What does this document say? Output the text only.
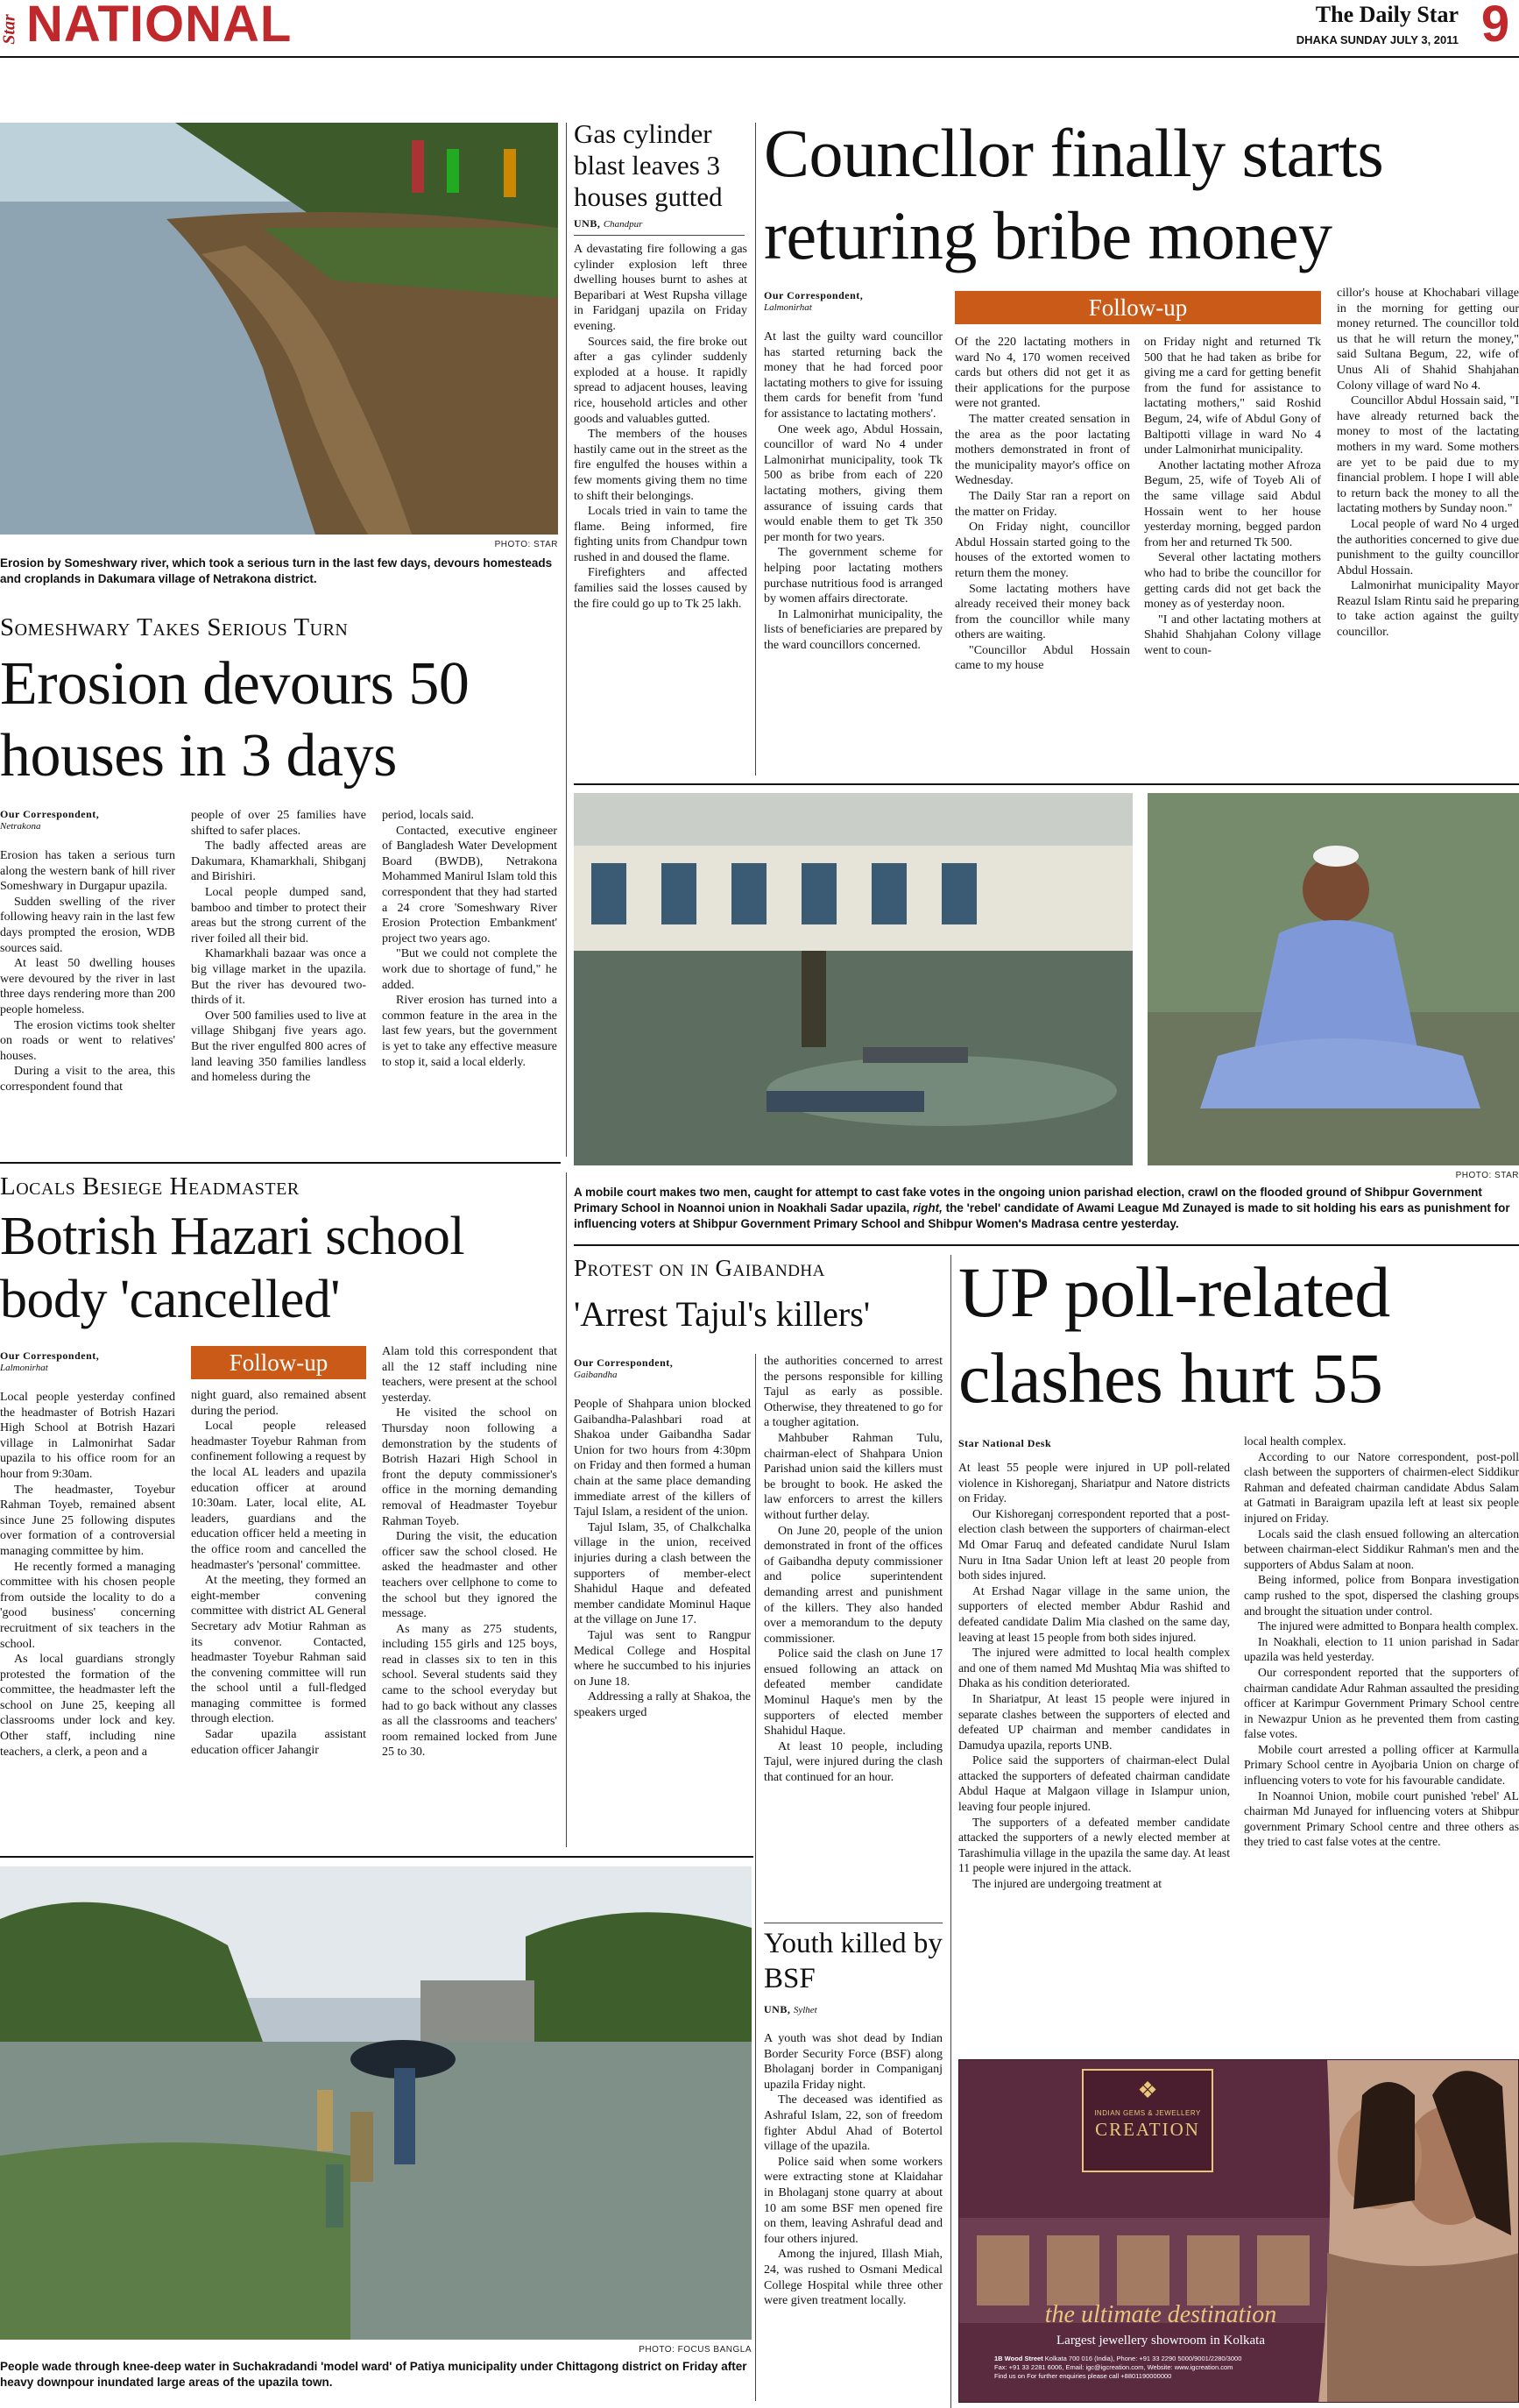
Star NATIONAL	The Daily Star
DHAKA SUNDAY JULY 3, 2011 9
PHOTO: STAR
Erosion by Someshwary river, which took a serious turn in the last few days, devours homesteads and croplands in Dakumara village of Netrakona district.
Someshwary Takes Serious Turn
Erosion devours 50 houses in 3 days
Our Correspondent,
Netrakona

Erosion has taken a serious turn along the western bank of hill river Someshwary in Durgapur upazila.

Sudden swelling of the river following heavy rain in the last few days prompted the erosion, WDB sources said.

At least 50 dwelling houses were devoured by the river in last three days rendering more than 200 people homeless.

The erosion victims took shelter on roads or went to relatives' houses.

During a visit to the area, this correspondent found that

people of over 25 families have shifted to safer places.

The badly affected areas are Dakumara, Khamarkhali, Shibganj and Birishiri.

Local people dumped sand, bamboo and timber to protect their areas but the strong current of the river foiled all their bid.

Khamarkhali bazaar was once a big village market in the upazila. But the river has devoured two-thirds of it.

Over 500 families used to live at village Shibganj five years ago. But the river engulfed 800 acres of land leaving 350 families landless and homeless during the

period, locals said.

Contacted, executive engineer of Bangladesh Water Development Board (BWDB), Netrakona Mohammed Manirul Islam told this correspondent that they had started a 24 crore 'Someshwary River Erosion Protection Embankment' project two years ago.

"But we could not complete the work due to shortage of fund," he added.

River erosion has turned into a common feature in the area in the last few years, but the government is yet to take any effective measure to stop it, said a local elderly.

Gas cylinder blast leaves 3 houses gutted
UNB, Chandpur

A devastating fire following a gas cylinder explosion left three dwelling houses burnt to ashes at Beparibari at West Rupsha village in Faridganj upazila on Friday evening.

Sources said, the fire broke out after a gas cylinder suddenly exploded at a house. It rapidly spread to adjacent houses, leaving rice, household articles and other goods and valuables gutted.

The members of the houses hastily came out in the street as the fire engulfed the houses within a few moments giving them no time to shift their belongings.

Locals tried in vain to tame the flame. Being informed, fire fighting units from Chandpur town rushed in and doused the flame.

Firefighters and affected families said the losses caused by the fire could go up to Tk 25 lakh.

Councllor finally starts returing bribe money
Our Correspondent,
Lalmonirhat	Follow-up

At last the guilty ward councillor has started returning back the money that he had forced poor lactating mothers to give for issuing them cards for benefit from 'fund for assistance to lactating mothers'.

One week ago, Abdul Hossain, councillor of ward No 4 under Lalmonirhat municipality, took Tk 500 as bribe from each of 220 lactating mothers, giving them assurance of issuing cards that would enable them to get Tk 350 per month for two years.

The government scheme for helping poor lactating mothers purchase nutritious food is arranged by women affairs directorate.

In Lalmonirhat municipality, the lists of beneficiaries are prepared by the ward councillors concerned.

Of the 220 lactating mothers in ward No 4, 170 women received cards but others did not get it as their applications for the purpose were not granted.

The matter created sensation in the area as the poor lactating mothers demonstrated in front of the municipality mayor's office on Wednesday.

The Daily Star ran a report on the matter on Friday.

On Friday night, councillor Abdul Hossain started going to the houses of the extorted women to return them the money.

Some lactating mothers have already received their money back from the councillor while many others are waiting.

"Councillor Abdul Hossain came to my house

on Friday night and returned Tk 500 that he had taken as bribe for giving me a card for getting benefit from the fund for assistance to lactating mothers," said Roshid Begum, 24, wife of Abdul Gony of Baltipotti village in ward No 4 under Lalmonirhat municipality.

Another lactating mother Afroza Begum, 25, wife of Toyeb Ali of the same village said Abdul Hossain went to her house yesterday morning, begged pardon from her and returned Tk 500.

Several other lactating mothers who had to bribe the councillor for getting cards did not get back the money as of yesterday noon.

"I and other lactating mothers at Shahid Shahjahan Colony village went to coun-

cillor's house at Khochabari village in the morning for getting our money returned. The councillor told us that he will return the money," said Sultana Begum, 22, wife of Unus Ali of Shahid Shahjahan Colony village of ward No 4.

Councillor Abdul Hossain said, "I have already returned back the money to most of the lactating mothers in my ward. Some mothers are yet to be paid due to my financial problem. I hope I will able to return back the money to all the lactating mothers by Sunday noon."

Local people of ward No 4 urged the authorities concerned to give due punishment to the guilty councillor Abdul Hossain.

Lalmonirhat municipality Mayor Reazul Islam Rintu said he preparing to take action against the guilty councillor.

PHOTO: STAR
A mobile court makes two men, caught for attempt to cast fake votes in the ongoing union parishad election, crawl on the flooded ground of Shibpur Government Primary School in Noannoi union in Noakhali Sadar upazila, right, the 'rebel' candidate of Awami League Md Zunayed is made to sit holding his ears as punishment for influencing voters at Shibpur Government Primary School and Shibpur Women's Madrasa centre yesterday.
Locals Besiege Headmaster
Botrish Hazari school body 'cancelled'
Our Correspondent,
Lalmonirhat	Follow-up

Local people yesterday confined the headmaster of Botrish Hazari High School at Botrish Hazari village in Lalmonirhat Sadar upazila to his office room for an hour from 9:30am.

The headmaster, Toyebur Rahman Toyeb, remained absent since June 25 following disputes over formation of a controversial managing committee by him.

He recently formed a managing committee with his chosen people from outside the locality to do a 'good business' concerning recruitment of six teachers in the school.

As local guardians strongly protested the formation of the committee, the headmaster left the school on June 25, keeping all classrooms under lock and key. Other staff, including nine teachers, a clerk, a peon and a

night guard, also remained absent during the period.

Local people released headmaster Toyebur Rahman from confinement following a request by the local AL leaders and upazila education officer at around 10:30am. Later, local elite, AL leaders, guardians and the education officer held a meeting in the office room and cancelled the headmaster's 'personal' committee.

At the meeting, they formed an eight-member convening committee with district AL General Secretary adv Motiur Rahman as its convenor. Contacted, headmaster Toyebur Rahman said the convening committee will run the school until a full-fledged managing committee is formed through election.

Sadar upazila assistant education officer Jahangir

Alam told this correspondent that all the 12 staff including nine teachers, were present at the school yesterday.

He visited the school on Thursday noon following a demonstration by the students of Botrish Hazari High School in front the deputy commissioner's office in the morning demanding removal of Headmaster Toyebur Rahman Toyeb.

During the visit, the education officer saw the school closed. He asked the headmaster and other teachers over cellphone to come to the school but they ignored the message.

As many as 275 students, including 155 girls and 125 boys, read in classes six to ten in this school. Several students said they came to the school everyday but had to go back without any classes as all the classrooms and teachers' room remained locked from June 25 to 30.

PHOTO: FOCUS BANGLA
People wade through knee-deep water in Suchakradandi 'model ward' of Patiya municipality under Chittagong district on Friday after heavy downpour inundated large areas of the upazila town.
Protest on in Gaibandha
'Arrest Tajul's killers'
Our Correspondent,
Gaibandha

People of Shahpara union blocked Gaibandha-Palashbari road at Shakoa under Gaibandha Sadar Union for two hours from 4:30pm on Friday and then formed a human chain at the same place demanding immediate arrest of the killers of Tajul Islam, a resident of the union.

Tajul Islam, 35, of Chalkchalka village in the union, received injuries during a clash between the supporters of member-elect Shahidul Haque and defeated member candidate Mominul Haque at the village on June 17.

Tajul was sent to Rangpur Medical College and Hospital where he succumbed to his injuries on June 18.

Addressing a rally at Shakoa, the speakers urged

the authorities concerned to arrest the persons responsible for killing Tajul as early as possible. Otherwise, they threatened to go for a tougher agitation.

Mahbuber Rahman Tulu, chairman-elect of Shahpara Union Parishad union said the killers must be brought to book. He asked the law enforcers to arrest the killers without further delay.

On June 20, people of the union demonstrated in front of the offices of Gaibandha deputy commissioner and police superintendent demanding arrest and punishment of the killers. They also handed over a memorandum to the deputy commissioner.

Police said the clash on June 17 ensued following an attack on defeated member candidate Mominul Haque's men by the supporters of elected member Shahidul Haque.

At least 10 people, including Tajul, were injured during the clash that continued for an hour.

Youth killed by BSF
UNB, Sylhet

A youth was shot dead by Indian Border Security Force (BSF) along Bholaganj border in Companiganj upazila Friday night.

The deceased was identified as Ashraful Islam, 22, son of freedom fighter Abdul Ahad of Botertol village of the upazila.

Police said when some workers were extracting stone at Klaidahar in Bholaganj stone quarry at about 10 am some BSF men opened fire on them, leaving Ashraful dead and four others injured.

Among the injured, Illash Miah, 24, was rushed to Osmani Medical College Hospital while three other were given treatment locally.

UP poll-related clashes hurt 55
Star National Desk

At least 55 people were injured in UP poll-related violence in Kishoreganj, Shariatpur and Natore districts on Friday.

Our Kishoreganj correspondent reported that a post-election clash between the supporters of chairman-elect Md Omar Faruq and defeated candidate Nurul Islam Nuru in Itna Sadar Union left at least 20 people from both sides injured.

At Ershad Nagar village in the same union, the supporters of elected member Abdur Rashid and defeated candidate Dalim Mia clashed on the same day, leaving at least 15 people from both sides injured.

The injured were admitted to local health complex and one of them named Md Mushtaq Mia was shifted to Dhaka as his condition deteriorated.

In Shariatpur, At least 15 people were injured in separate clashes between the supporters of elected and defeated UP chairman and member candidates in Damudya upazila, reports UNB.

Police said the supporters of chairman-elect Dulal attacked the supporters of defeated chairman candidate Abdul Haque at Malgaon village in Islampur union, leaving four people injured.

The supporters of a defeated member candidate attacked the supporters of a newly elected member at Tarashimulia village in the upazila the same day. At least 11 people were injured in the attack.

The injured are undergoing treatment at

local health complex.

According to our Natore correspondent, post-poll clash between the supporters of chairmen-elect Siddikur Rahman and defeated chairman candidate Abdus Salam at Gatmati in Baraigram upazila left at least six people injured on Friday.

Locals said the clash ensued following an altercation between chairman-elect Siddikur Rahman's men and the supporters of Abdus Salam at noon.

Being informed, police from Bonpara investigation camp rushed to the spot, dispersed the clashing groups and brought the situation under control.

The injured were admitted to Bonpara health complex.

In Noakhali, election to 11 union parishad in Sadar upazila was held yesterday.

Our correspondent reported that the supporters of chairman candidate Adur Rahman assaulted the presiding officer at Karimpur Government Primary School centre in Newazpur Union as he prevented them from casting false votes.

Mobile court arrested a polling officer at Karmulla Primary School centre in Ayojbaria Union on charge of influencing voters to vote for his favourable candidate.

In Noannoi Union, mobile court punished 'rebel' AL chairman Md Junayed for influencing voters at Shibpur government Primary School centre and three others as they tried to cast false votes at the centre.

❖
INDIAN GEMS & JEWELLERY
CREATION
the ultimate destination
Largest jewellery showroom in Kolkata
1B Wood Street Kolkata 700 016 (India), Phone: +91 33 2290 5000/9001/2280/3000
Fax: +91 33 2281 6006, Email: igc@igcreation.com, Website: www.igcreation.com
Find us on For further enquiries please call +8801190000000
